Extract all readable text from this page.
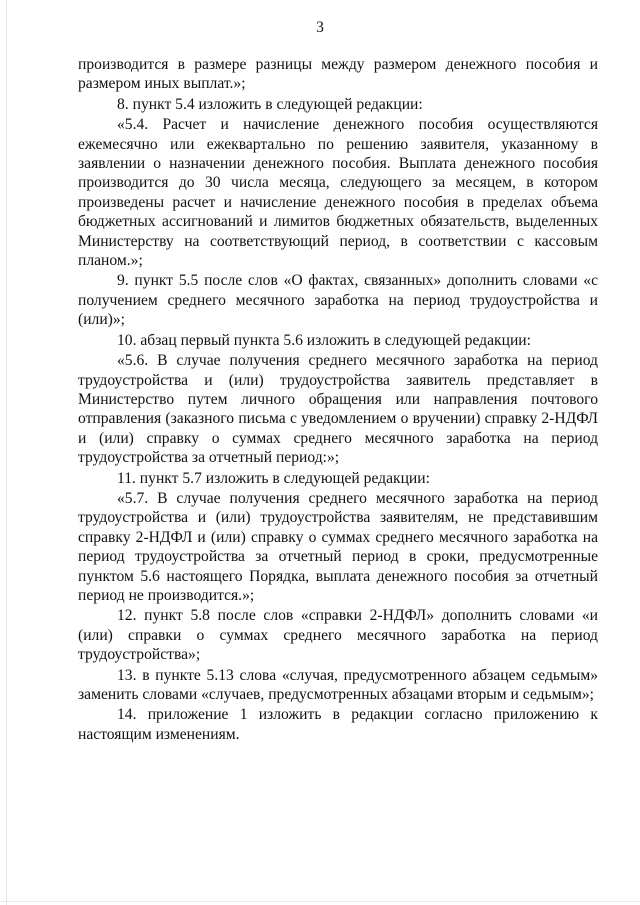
3

производится в размере разницы между размером денежного пособия и размером иных выплат.»;

8. пункт 5.4 изложить в следующей редакции:

«5.4. Расчет и начисление денежного пособия осуществляются ежемесячно или ежеквартально по решению заявителя, указанному в заявлении о назначении денежного пособия. Выплата денежного пособия производится до 30 числа месяца, следующего за месяцем, в котором произведены расчет и начисление денежного пособия в пределах объема бюджетных ассигнований и лимитов бюджетных обязательств, выделенных Министерству на соответствующий период, в соответствии с кассовым планом.»;

9. пункт 5.5 после слов «О фактах, связанных» дополнить словами «с получением среднего месячного заработка на период трудоустройства и (или)»;

10. абзац первый пункта 5.6 изложить в следующей редакции:

«5.6. В случае получения среднего месячного заработка на период трудоустройства и (или) трудоустройства заявитель представляет в Министерство путем личного обращения или направления почтового отправления (заказного письма с уведомлением о вручении) справку 2-НДФЛ и (или) справку о суммах среднего месячного заработка на период трудоустройства за отчетный период:»;

11. пункт 5.7 изложить в следующей редакции:

«5.7. В случае получения среднего месячного заработка на период трудоустройства и (или) трудоустройства заявителям, не представившим справку 2-НДФЛ и (или) справку о суммах среднего месячного заработка на период трудоустройства за отчетный период в сроки, предусмотренные пунктом 5.6 настоящего Порядка, выплата денежного пособия за отчетный период не производится.»;

12. пункт 5.8 после слов «справки 2-НДФЛ» дополнить словами «и (или) справки о суммах среднего месячного заработка на период трудоустройства»;

13. в пункте 5.13 слова «случая, предусмотренного абзацем седьмым» заменить словами «случаев, предусмотренных абзацами вторым и седьмым»;

14. приложение 1 изложить в редакции согласно приложению к настоящим изменениям.
